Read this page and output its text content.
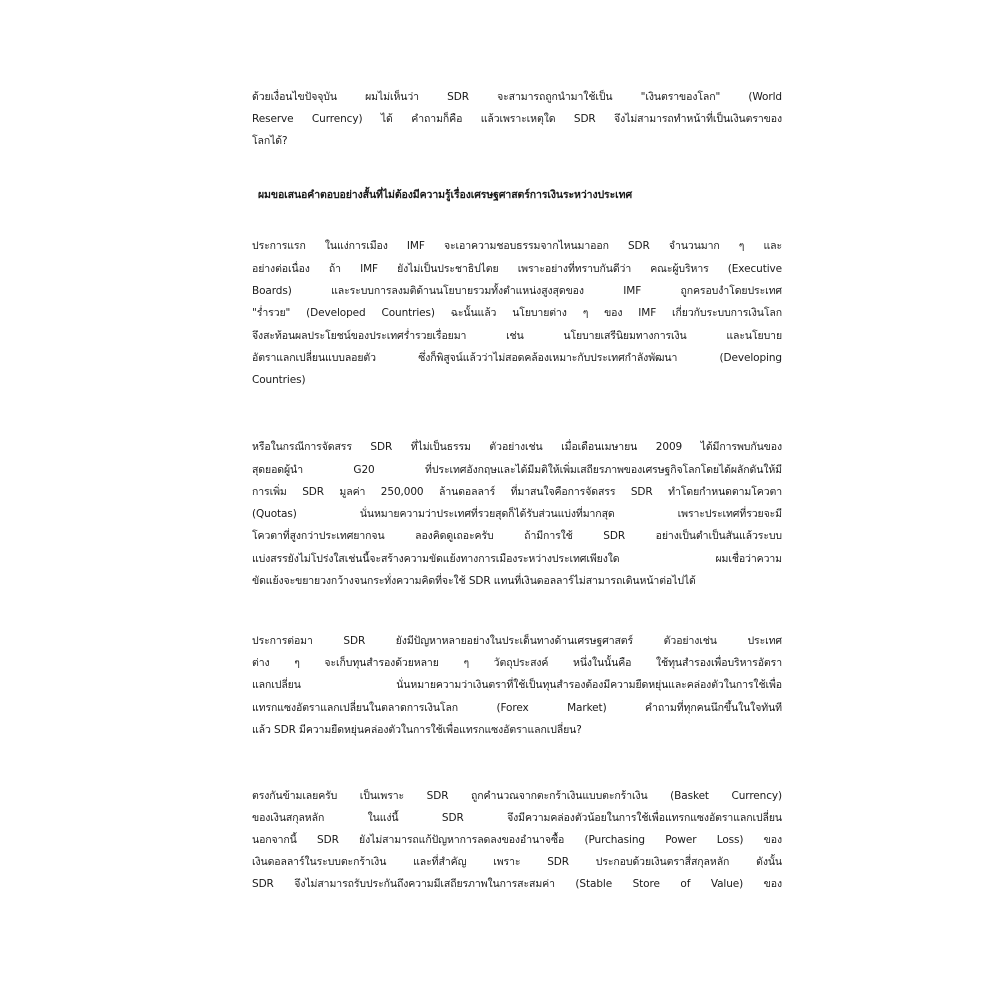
ด้วยเงื่อนไขปัจจุบัน ผมไม่เห็นว่า SDR จะสามารถถูกนำมาใช้เป็น "เงินตราของโลก" (World
Reserve Currency) ได้ คำถามก็คือ แล้วเพราะเหตุใด SDR จึงไม่สามารถทำหน้าที่เป็นเงินตราของ
โลกได้?
ผมขอเสนอคำตอบอย่างสั้นที่ไม่ต้องมีความรู้เรื่องเศรษฐศาสตร์การเงินระหว่างประเทศ
ประการแรก ในแง่การเมือง IMF จะเอาความชอบธรรมจากไหนมาออก SDR จำนวนมาก ๆ และ
อย่างต่อเนื่อง ถ้า IMF ยังไม่เป็นประชาธิปไตย เพราะอย่างที่ทราบกันดีว่า คณะผู้บริหาร (Executive
Boards) และระบบการลงมติด้านนโยบายรวมทั้งตำแหน่งสูงสุดของ IMF ถูกครอบงำโดยประเทศ
"ร่ำรวย" (Developed Countries) ฉะนั้นแล้ว นโยบายต่าง ๆ ของ IMF เกี่ยวกับระบบการเงินโลก
จึงสะท้อนผลประโยชน์ของประเทศร่ำรวยเรื่อยมา เช่น นโยบายเสรีนิยมทางการเงิน และนโยบาย
อัตราแลกเปลี่ยนแบบลอยตัว ซึ่งก็พิสูจน์แล้วว่าไม่สอดคล้องเหมาะกับประเทศกำลังพัฒนา (Developing
Countries)
หรือในกรณีการจัดสรร SDR ที่ไม่เป็นธรรม ตัวอย่างเช่น เมื่อเดือนเมษายน 2009 ได้มีการพบกันของ
สุดยอดผู้นำ G20 ที่ประเทศอังกฤษและได้มีมติให้เพิ่มเสถียรภาพของเศรษฐกิจโลกโดยได้ผลักดันให้มี
การเพิ่ม SDR มูลค่า 250,000 ล้านดอลลาร์ ที่มาสนใจคือการจัดสรร SDR ทำโดยกำหนดตามโควตา
(Quotas) นั่นหมายความว่าประเทศที่รวยสุดก็ได้รับส่วนแบ่งที่มากสุด เพราะประเทศที่รวยจะมี
โควตาที่สูงกว่าประเทศยากจน ลองคิดดูเถอะครับ ถ้ามีการใช้ SDR อย่างเป็นตำเป็นสันแล้วระบบ
แบ่งสรรยังไม่โปร่งใสเช่นนี้จะสร้างความขัดแย้งทางการเมืองระหว่างประเทศเพียงใด ผมเชื่อว่าความ
ขัดแย้งจะขยายวงกว้างจนกระทั่งความคิดที่จะใช้ SDR แทนที่เงินดอลลาร์ไม่สามารถเดินหน้าต่อไปได้
ประการต่อมา SDR ยังมีปัญหาหลายอย่างในประเด็นทางด้านเศรษฐศาสตร์ ตัวอย่างเช่น ประเทศ
ต่าง ๆ จะเก็บทุนสำรองด้วยหลาย ๆ วัตถุประสงค์ หนึ่งในนั้นคือ ใช้ทุนสำรองเพื่อบริหารอัตรา
แลกเปลี่ยน นั่นหมายความว่าเงินตราที่ใช้เป็นทุนสำรองต้องมีความยืดหยุ่นและคล่องตัวในการใช้เพื่อ
แทรกแซงอัตราแลกเปลี่ยนในตลาดการเงินโลก (Forex Market) คำถามที่ทุกคนนึกขึ้นในใจทันที
แล้ว SDR มีความยืดหยุ่นคล่องตัวในการใช้เพื่อแทรกแซงอัตราแลกเปลี่ยน?
ตรงกันข้ามเลยครับ เป็นเพราะ SDR ถูกคำนวณจากตะกร้าเงินแบบตะกร้าเงิน (Basket Currency)
ของเงินสกุลหลัก ในแง่นี้ SDR จึงมีความคล่องตัวน้อยในการใช้เพื่อแทรกแซงอัตราแลกเปลี่ยน
นอกจากนี้ SDR ยังไม่สามารถแก้ปัญหาการลดลงของอำนาจซื้อ (Purchasing Power Loss) ของ
เงินดอลลาร์ในระบบตะกร้าเงิน และที่สำคัญ เพราะ SDR ประกอบด้วยเงินตราสี่สกุลหลัก ดังนั้น
SDR จึงไม่สามารถรับประกันถึงความมีเสถียรภาพในการสะสมค่า (Stable Store of Value) ของ
